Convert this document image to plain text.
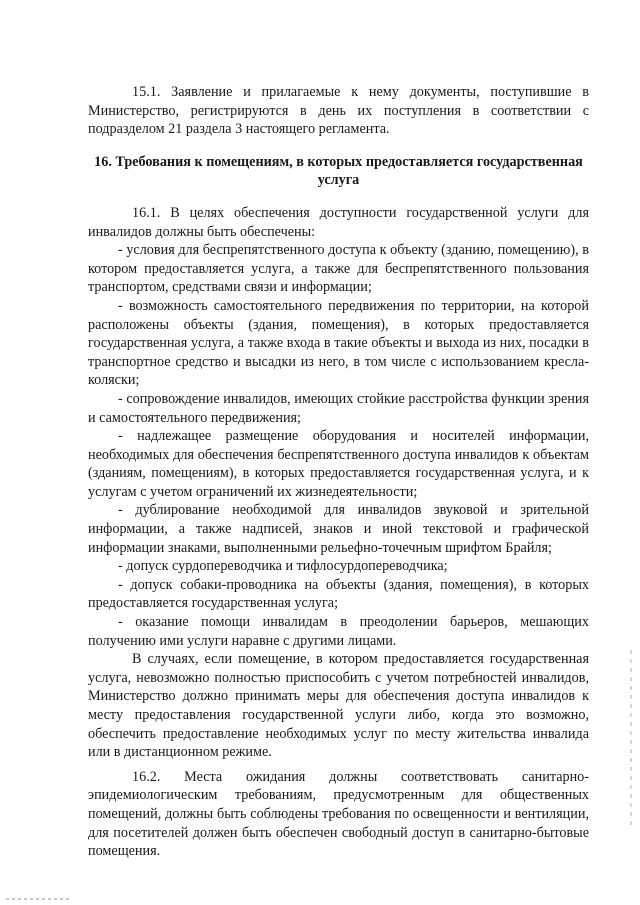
15.1. Заявление и прилагаемые к нему документы, поступившие в Министерство, регистрируются в день их поступления в соответствии с подразделом 21 раздела 3 настоящего регламента.

16. Требования к помещениям, в которых предоставляется государственная услуга

16.1. В целях обеспечения доступности государственной услуги для инвалидов должны быть обеспечены:

- условия для беспрепятственного доступа к объекту (зданию, помещению), в котором предоставляется услуга, а также для беспрепятственного пользования транспортом, средствами связи и информации;

- возможность самостоятельного передвижения по территории, на которой расположены объекты (здания, помещения), в которых предоставляется государственная услуга, а также входа в такие объекты и выхода из них, посадки в транспортное средство и высадки из него, в том числе с использованием кресла-коляски;

- сопровождение инвалидов, имеющих стойкие расстройства функции зрения и самостоятельного передвижения;

- надлежащее размещение оборудования и носителей информации, необходимых для обеспечения беспрепятственного доступа инвалидов к объектам (зданиям, помещениям), в которых предоставляется государственная услуга, и к услугам с учетом ограничений их жизнедеятельности;

- дублирование необходимой для инвалидов звуковой и зрительной информации, а также надписей, знаков и иной текстовой и графической информации знаками, выполненными рельефно-точечным шрифтом Брайля;

- допуск сурдопереводчика и тифлосурдопереводчика;

- допуск собаки-проводника на объекты (здания, помещения), в которых предоставляется государственная услуга;

- оказание помощи инвалидам в преодолении барьеров, мешающих получению ими услуги наравне с другими лицами.

В случаях, если помещение, в котором предоставляется государственная услуга, невозможно полностью приспособить с учетом потребностей инвалидов, Министерство должно принимать меры для обеспечения доступа инвалидов к месту предоставления государственной услуги либо, когда это возможно, обеспечить предоставление необходимых услуг по месту жительства инвалида или в дистанционном режиме.

16.2. Места ожидания должны соответствовать санитарно-эпидемиологическим требованиям, предусмотренным для общественных помещений, должны быть соблюдены требования по освещенности и вентиляции, для посетителей должен быть обеспечен свободный доступ в санитарно-бытовые помещения.
